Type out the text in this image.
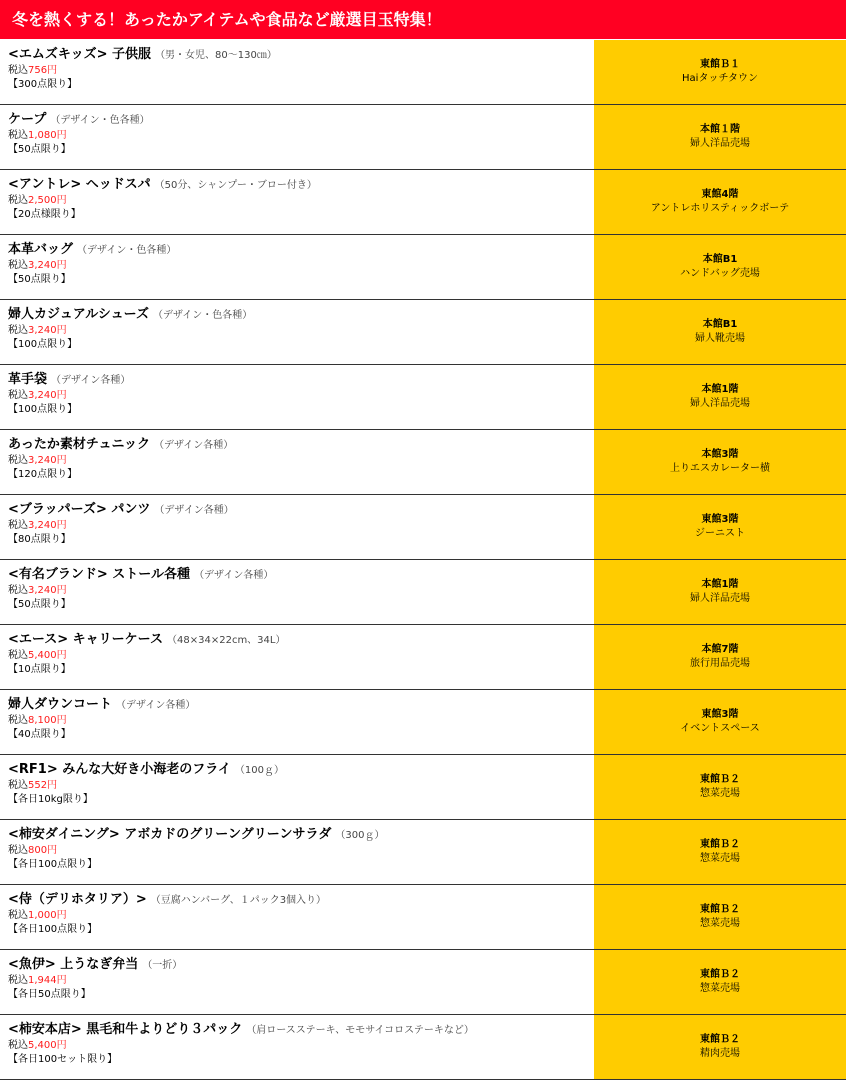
冬を熱くする！あったかアイテムや食品など厳選目玉特集！
<エムズキッズ> 子供服 （男・女児、80～130㎝）
税込756円
【300点限り】
東館Ｂ１
Haiタッチタウン
ケープ （デザイン・色各種）
税込1,080円
【50点限り】
本館１階
婦人洋品売場
<アントレ> ヘッドスパ （50分、シャンプー・ブロー付き）
税込2,500円
【20点様限り】
東館4階
アントレホリスティックボーテ
本革バッグ （デザイン・色各種）
税込3,240円
【50点限り】
本館B1
ハンドバッグ売場
婦人カジュアルシューズ （デザイン・色各種）
税込3,240円
【100点限り】
本館B1
婦人靴売場
革手袋 （デザイン各種）
税込3,240円
【100点限り】
本館1階
婦人洋品売場
あったか素材チュニック （デザイン各種）
税込3,240円
【120点限り】
本館3階
上りエスカレーター横
<ブラッパーズ> パンツ （デザイン各種）
税込3,240円
【80点限り】
東館3階
ジーニスト
<有名ブランド> ストール各種 （デザイン各種）
税込3,240円
【50点限り】
本館1階
婦人洋品売場
<エース> キャリーケース （48×34×22cm、34L）
税込5,400円
【10点限り】
本館7階
旅行用品売場
婦人ダウンコート （デザイン各種）
税込8,100円
【40点限り】
東館3階
イベントスペース
<RF1> みんな大好き小海老のフライ （100ｇ）
税込552円
【各日10kg限り】
東館Ｂ２
惣菜売場
<柿安ダイニング> アボカドのグリーングリーンサラダ （300ｇ）
税込800円
【各日100点限り】
東館Ｂ２
惣菜売場
<侍（デリホタリア）> （豆腐ハンバーグ、１パック3個入り）
税込1,000円
【各日100点限り】
東館Ｂ２
惣菜売場
<魚伊> 上うなぎ弁当 （一折）
税込1,944円
【各日50点限り】
東館Ｂ２
惣菜売場
<柿安本店> 黒毛和牛よりどり３パック （肩ロースステーキ、モモサイコロステーキなど）
税込5,400円
【各日100セット限り】
東館Ｂ２
精肉売場
